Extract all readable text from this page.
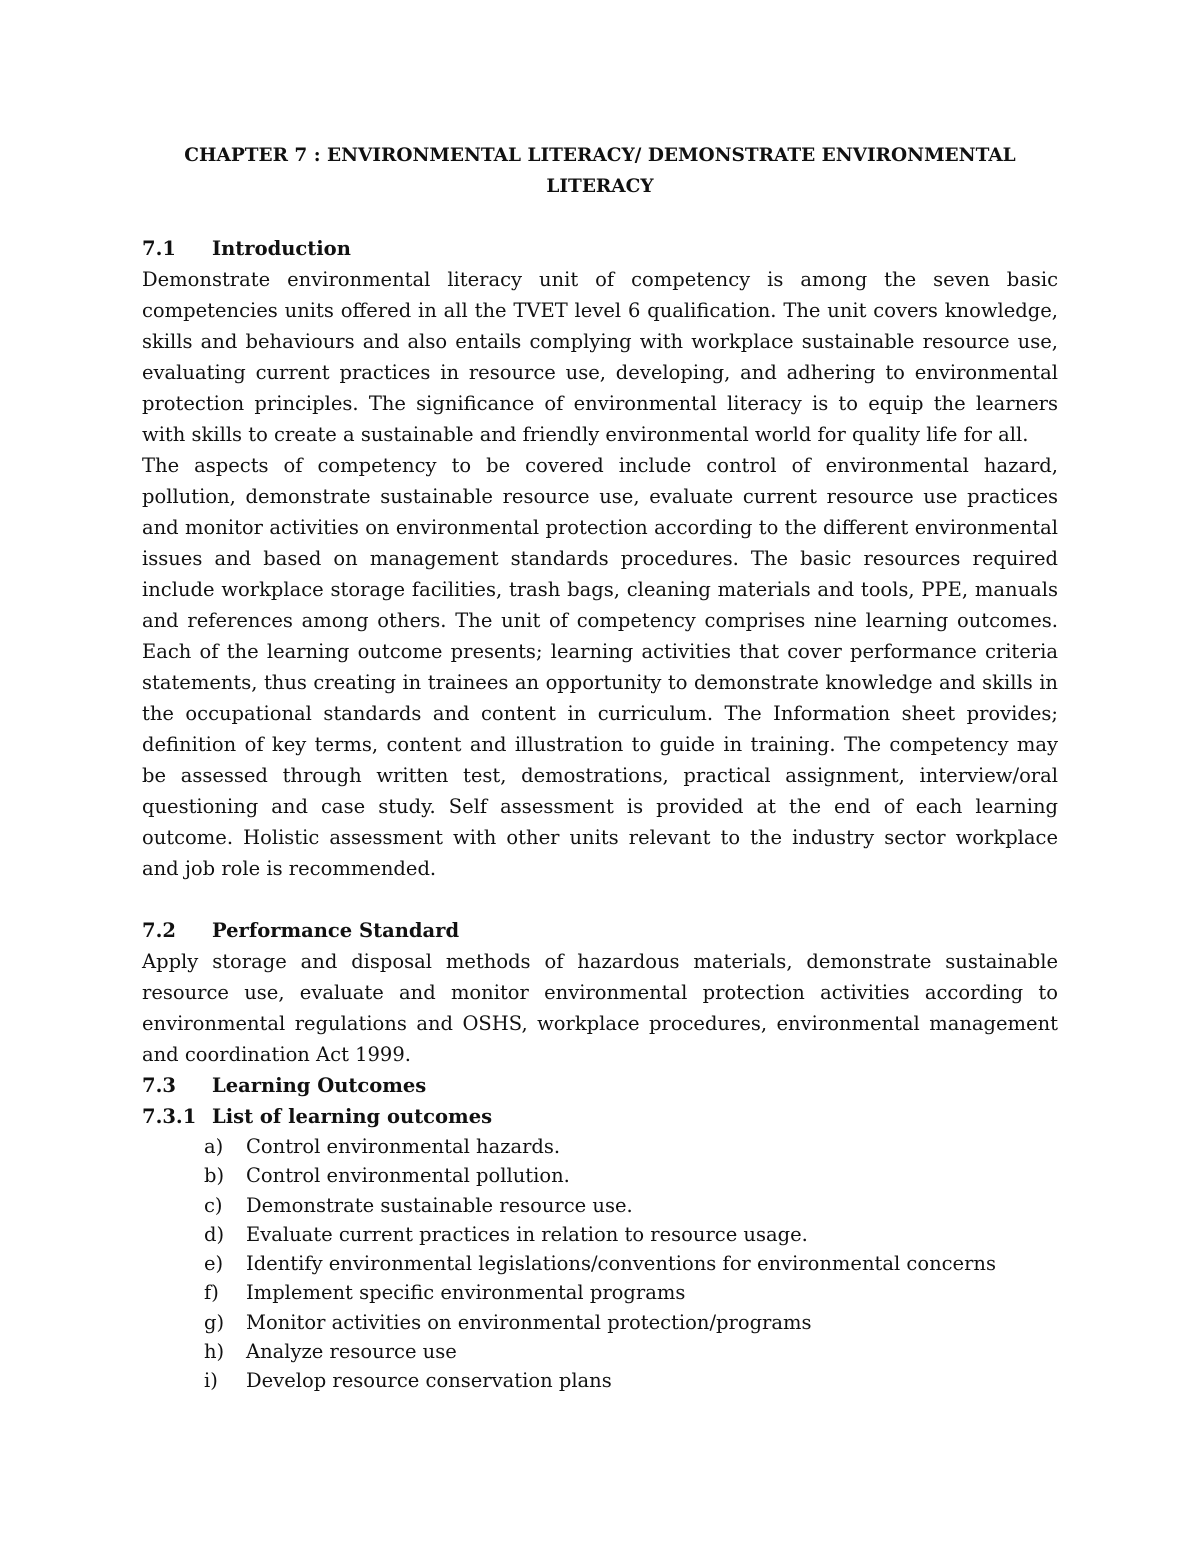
CHAPTER 7 : ENVIRONMENTAL LITERACY/ DEMONSTRATE ENVIRONMENTAL LITERACY

7.1	Introduction

Demonstrate environmental literacy unit of competency is among the seven basic competencies units offered in all the TVET level 6 qualification. The unit covers knowledge, skills and behaviours and also entails complying with workplace sustainable resource use, evaluating current practices in resource use, developing, and adhering to environmental protection principles. The significance of environmental literacy is to equip the learners with skills to create a sustainable and friendly environmental world for quality life for all.

The aspects of competency to be covered include control of environmental hazard, pollution, demonstrate sustainable resource use, evaluate current resource use practices and monitor activities on environmental protection according to the different environmental issues and based on management standards procedures. The basic resources required include workplace storage facilities, trash bags, cleaning materials and tools, PPE, manuals and references among others. The unit of competency comprises nine learning outcomes. Each of the learning outcome presents; learning activities that cover performance criteria statements, thus creating in trainees an opportunity to demonstrate knowledge and skills in the occupational standards and content in curriculum. The Information sheet provides; definition of key terms, content and illustration to guide in training. The competency may be assessed through written test, demostrations, practical assignment, interview/oral questioning and case study. Self assessment is provided at the end of each learning outcome. Holistic assessment with other units relevant to the industry sector workplace and job role is recommended.

7.2	Performance Standard

Apply storage and disposal methods of hazardous materials, demonstrate sustainable resource use, evaluate and monitor environmental protection activities according to environmental regulations and OSHS, workplace procedures, environmental management and coordination Act 1999.

7.3	Learning Outcomes

7.3.1 List of learning outcomes

a)	Control environmental hazards.
b)	Control environmental pollution.
c)	Demonstrate sustainable resource use.
d)	Evaluate current practices in relation to resource usage.
e)	Identify environmental legislations/conventions for environmental concerns
f)	Implement specific environmental programs
g)	Monitor activities on environmental protection/programs
h)	Analyze resource use
i)	Develop resource conservation plans
